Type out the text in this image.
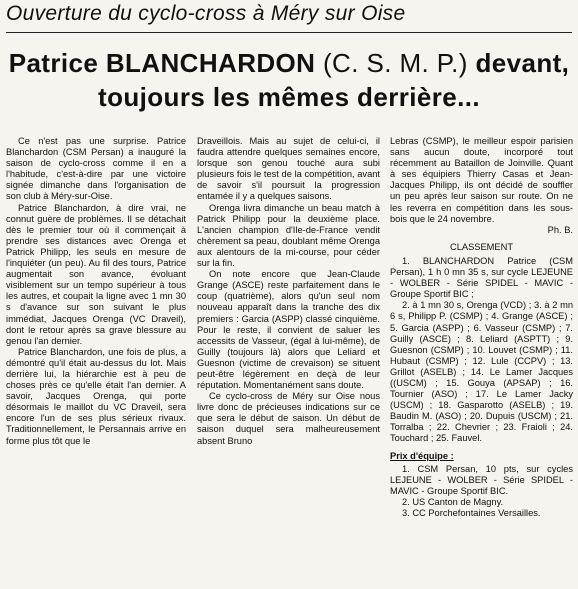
Ouverture du cyclo-cross à Méry sur Oise
Patrice BLANCHARDON (C. S. M. P.) devant,
toujours les mêmes derrière...

Ce n'est pas une surprise. Patrice Blanchardon (CSM Persan) a inauguré la saison de cyclo-cross comme il en a l'habitude, c'est-à-dire par une victoire signée dimanche dans l'organisation de son club à Méry-sur-Oise.

Patrice Blanchardon, à dire vrai, ne connut guère de problèmes. Il se détachait dès le premier tour où il commençait à prendre ses distances avec Orenga et Patrick Philipp, les seuls en mesure de l'inquiéter (un peu). Au fil des tours, Patrice augmentait son avance, évoluant visiblement sur un tempo supérieur à tous les autres, et coupait la ligne avec 1 mn 30 s d'avance sur son suivant le plus immédiat, Jacques Orenga (VC Draveil), dont le retour après sa grave blessure au genou l'an dernier.

Patrice Blanchardon, une fois de plus, a démontré qu'il était au-dessus du lot. Mais derrière lui, la hiérarchie est à peu de choses près ce qu'elle était l'an dernier. A savoir, Jacques Orenga, qui porte désormais le maillot du VC Draveil, sera encore l'un de ses plus sérieux rivaux. Traditionnellement, le Persannais arrive en forme plus tôt que le

Draveillois. Mais au sujet de celui-ci, il faudra attendre quelques semaines encore, lorsque son genou touché aura subi plusieurs fois le test de la compétition, avant de savoir s'il poursuit la progression entamée il y a quelques saisons.

Orenga livra dimanche un beau match à Patrick Philipp pour la deuxième place. L'ancien champion d'Ile-de-France vendit chèrement sa peau, doublant même Orenga aux alentours de la mi-course, pour céder sur la fin.

On note encore que Jean-Claude Grange (ASCE) reste parfaitement dans le coup (quatrième), alors qu'un seul nom nouveau apparaît dans la tranche des dix premiers : Garcia (ASPP) classé cinquième. Pour le reste, il convient de saluer les accessits de Vasseur, (égal à lui-même), de Guilly (toujours là) alors que Leliard et Guesnon (victime de crevaison) se situent peut-être légèrement en deçà de leur réputation. Momentanément sans doute.

Ce cyclo-cross de Méry sur Oise nous livre donc de précieuses indications sur ce que sera le début de saison. Un début de saison duquel sera malheureusement absent Bruno

Lebras (CSMP), le meilleur espoir parisien sans aucun doute, incorporé tout récemment au Bataillon de Joinville. Quant à ses équipiers Thierry Casas et Jean-Jacques Philipp, ils ont décidé de souffler un peu après leur saison sur route. On ne les reverra en compétition dans les sous-bois que le 24 novembre.

Ph. B.

CLASSEMENT

1. BLANCHARDON Patrice (CSM Persan), 1 h 0 mn 35 s, sur cycle LEJEUNE - WOLBER - Série SPIDEL - MAVIC - Groupe Sportif BIC ;

2. à 1 mn 30 s, Orenga (VCD) ; 3. à 2 mn 6 s, Philipp P. (CSMP) ; 4. Grange (ASCE) ; 5. Garcia (ASPP) ; 6. Vasseur (CSMP) ; 7. Guilly (ASCE) ; 8. Leliard (ASPTT) ; 9. Guesnon (CSMP) ; 10. Louvet (CSMP) ; 11. Hubaut (CSMP) ; 12. Lule (CCPV) ; 13. Grillot (ASELB) ; 14. Le Lamer Jacques ((USCM) ; 15. Gouya (APSAP) ; 16. Tournier (ASO) ; 17. Le Lamer Jacky (USCM) ; 18. Gasparotto (ASELB) ; 19. Baudin M. (ASO) ; 20. Dupuis (USCM) ; 21. Torralba ; 22. Chevrier ; 23. Fraioli ; 24. Touchard ; 25. Fauvel.

Prix d'équipe :

1. CSM Persan, 10 pts, sur cycles LEJEUNE - WOLBER - Série SPIDEL - MAVIC - Groupe Sportif BIC.

2. US Canton de Magny.

3. CC Porchefontaines Versailles.
